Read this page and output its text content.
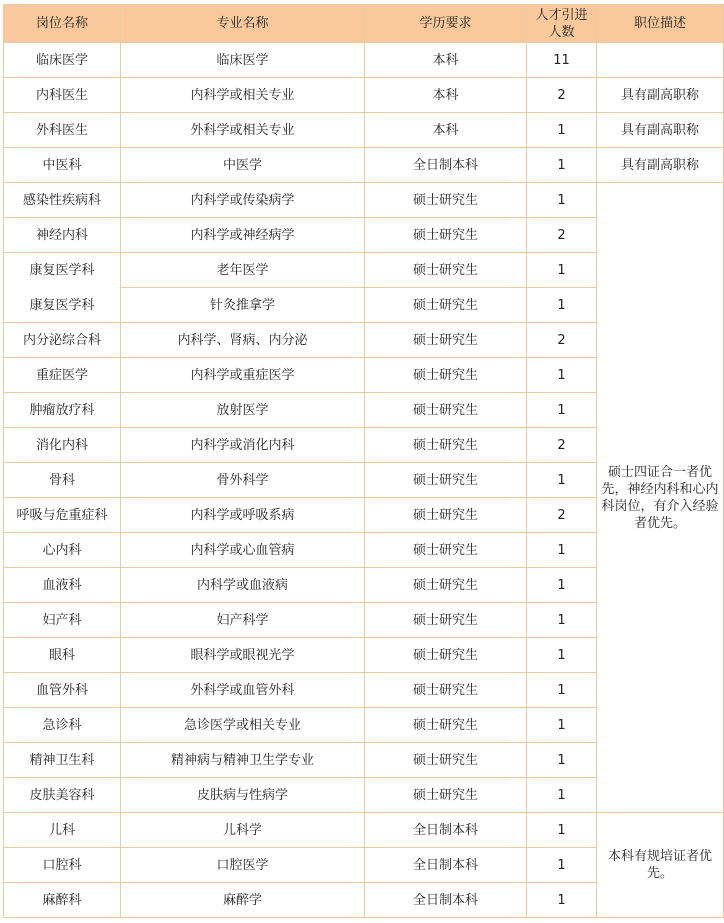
岗位名称	专业名称	学历要求	人才引进人数	职位描述
临床医学	临床医学	本科	11	
内科医生	内科学或相关专业	本科	2	具有副高职称
外科医生	外科学或相关专业	本科	1	具有副高职称
中医科	中医学	全日制本科	1	具有副高职称
感染性疾病科	内科学或传染病学	硕士研究生	1	硕士四证合一者优先，神经内科和心内科岗位，有介入经验者优先。
神经内科	内科学或神经病学	硕士研究生	2	
康复医学科	老年医学	硕士研究生	1	
康复医学科	针灸推拿学	硕士研究生	1	
内分泌综合科	内科学、肾病、内分泌	硕士研究生	2	
重症医学	内科学或重症医学	硕士研究生	1	
肿瘤放疗科	放射医学	硕士研究生	1	
消化内科	内科学或消化内科	硕士研究生	2	
骨科	骨外科学	硕士研究生	1	
呼吸与危重症科	内科学或呼吸系病	硕士研究生	2	
心内科	内科学或心血管病	硕士研究生	1	
血液科	内科学或血液病	硕士研究生	1	
妇产科	妇产科学	硕士研究生	1	
眼科	眼科学或眼视光学	硕士研究生	1	
血管外科	外科学或血管外科	硕士研究生	1	
急诊科	急诊医学或相关专业	硕士研究生	1	
精神卫生科	精神病与精神卫生学专业	硕士研究生	1	
皮肤美容科	皮肤病与性病学	硕士研究生	1	
儿科	儿科学	全日制本科	1	本科有规培证者优先。
口腔科	口腔医学	全日制本科	1	
麻醉科	麻醉学	全日制本科	1	
